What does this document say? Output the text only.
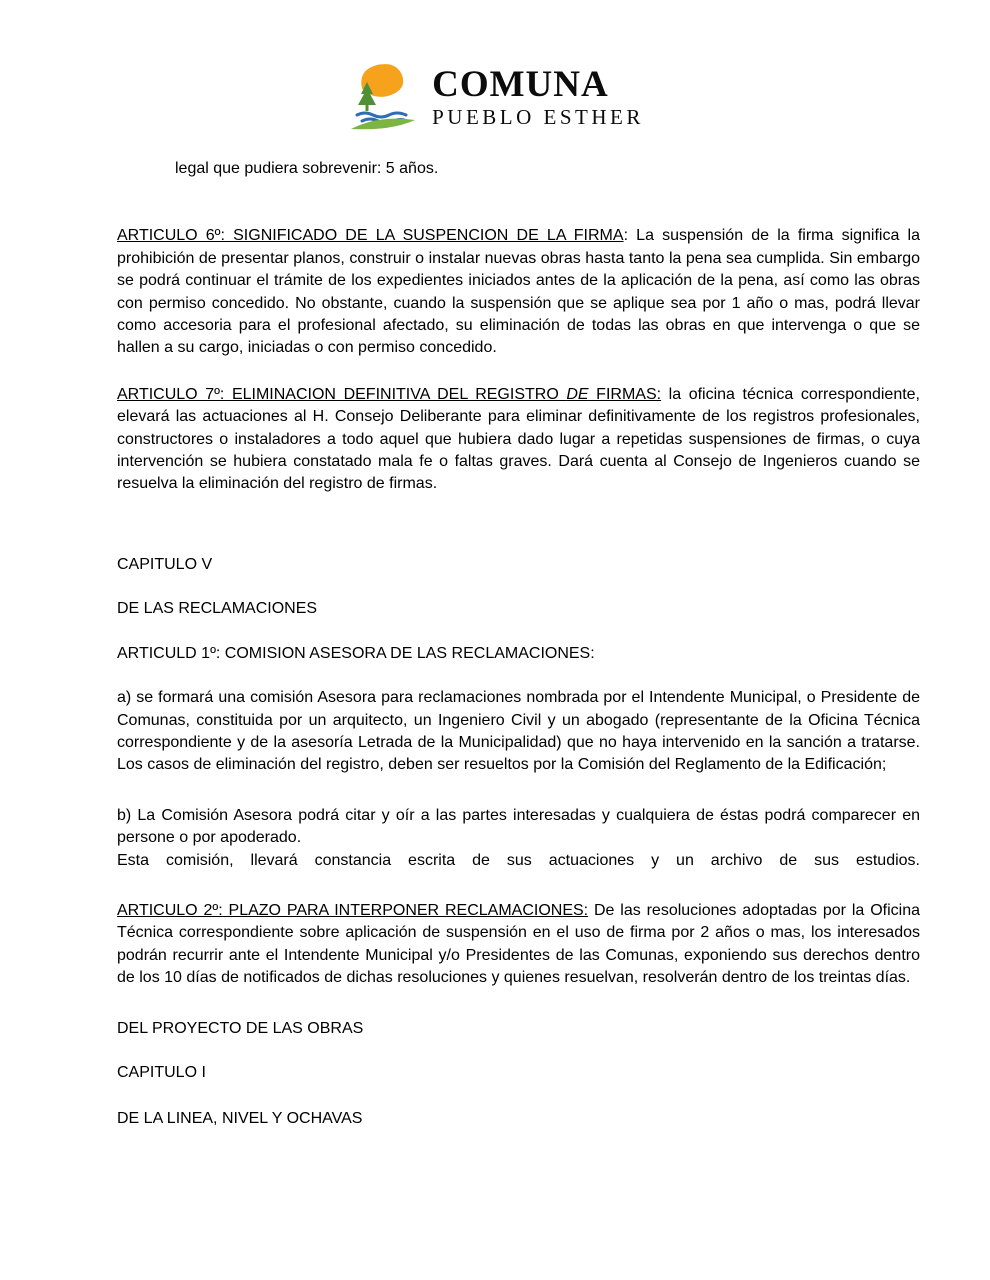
COMUNA
PUEBLO ESTHER

legal que pudiera sobrevenir: 5 años.

ARTICULO 6º: SIGNIFICADO DE LA SUSPENCION DE LA FIRMA: La suspensión de la firma significa la prohibición de presentar planos, construir o instalar nuevas obras hasta tanto la pena sea cumplida. Sin embargo se podrá continuar el trámite de los expedientes iniciados antes de la aplicación de la pena, así como las obras con permiso concedido. No obstante, cuando la suspensión que se aplique sea por 1 año o mas, podrá llevar como accesoria para el profesional afectado, su eliminación de todas las obras en que intervenga o que se hallen a su cargo, iniciadas o con permiso concedido.

ARTICULO 7º: ELIMINACION DEFINITIVA DEL REGISTRO DE FIRMAS: la oficina técnica correspondiente, elevará las actuaciones al H. Consejo Deliberante para eliminar definitivamente de los registros profesionales, constructores o instaladores a todo aquel que hubiera dado lugar a repetidas suspensiones de firmas, o cuya intervención se hubiera constatado mala fe o faltas graves. Dará cuenta al Consejo de Ingenieros cuando se resuelva la eliminación del registro de firmas.

CAPITULO V

DE LAS RECLAMACIONES

ARTICULD 1º: COMISION ASESORA DE LAS RECLAMACIONES:

a) se formará una comisión Asesora para reclamaciones nombrada por el Intendente Municipal, o Presidente de Comunas, constituida por un arquitecto, un Ingeniero Civil y un abogado (representante de la Oficina Técnica correspondiente y de la asesoría Letrada de la Municipalidad) que no haya intervenido en la sanción a tratarse. Los casos de eliminación del registro, deben ser resueltos por la Comisión del Reglamento de la Edificación;

b) La Comisión Asesora podrá citar y oír a las partes interesadas y cualquiera de éstas podrá comparecer en persone o por apoderado.

Esta comisión, llevará constancia escrita de sus actuaciones y un archivo de sus estudios.

ARTICULO 2º: PLAZO PARA INTERPONER RECLAMACIONES: De las resoluciones adoptadas por la Oficina Técnica correspondiente sobre aplicación de suspensión en el uso de firma por 2 años o mas, los interesados podrán recurrir ante el Intendente Municipal y/o Presidentes de las Comunas, exponiendo sus derechos dentro de los 10 días de notificados de dichas resoluciones y quienes resuelvan, resolverán dentro de los treintas días.

DEL PROYECTO DE LAS OBRAS

CAPITULO I

DE LA LINEA, NIVEL Y OCHAVAS
